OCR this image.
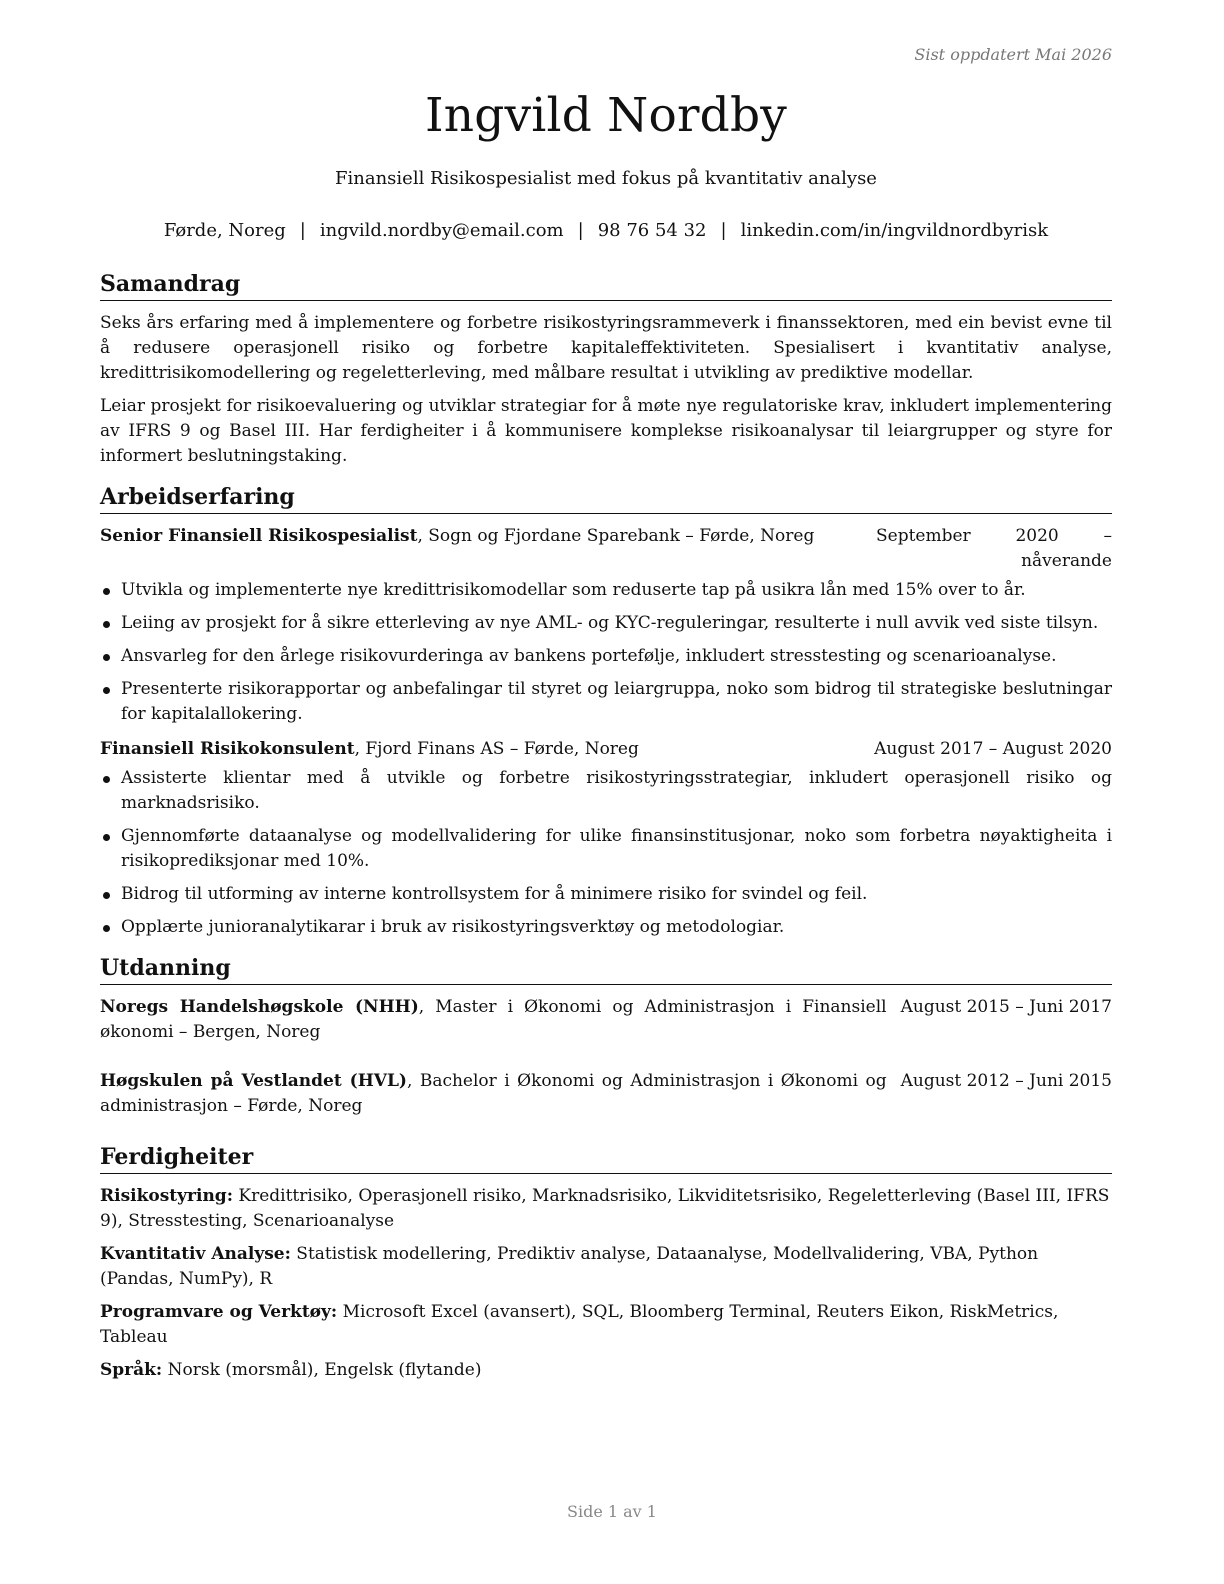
Sist oppdatert Mai 2026
Ingvild Nordby
Finansiell Risikospesialist med fokus på kvantitativ analyse
Førde, Noreg | ingvild.nordby@email.com | 98 76 54 32 | linkedin.com/in/ingvildnordbyrisk
Samandrag

Seks års erfaring med å implementere og forbetre risikostyringsrammeverk i finanssektoren, med ein bevist evne til å redusere operasjonell risiko og forbetre kapitaleffektiviteten. Spesialisert i kvantitativ analyse, kredittrisikomodellering og regeletterleving, med målbare resultat i utvikling av prediktive modellar.

Leiar prosjekt for risikoevaluering og utviklar strategiar for å møte nye regulatoriske krav, inkludert implementering av IFRS 9 og Basel III. Har ferdigheiter i å kommunisere komplekse risikoanalysar til leiargrupper og styre for informert beslutningstaking.

Arbeidserfaring
Senior Finansiell Risikospesialist, Sogn og Fjordane Sparebank – Førde, Noreg	September 2020 – nåverande
Utvikla og implementerte nye kredittrisikomodellar som reduserte tap på usikra lån med 15% over to år.
Leiing av prosjekt for å sikre etterleving av nye AML- og KYC-reguleringar, resulterte i null avvik ved siste tilsyn.
Ansvarleg for den årlege risikovurderinga av bankens portefølje, inkludert stresstesting og scenarioanalyse.
Presenterte risikorapportar og anbefalingar til styret og leiargruppa, noko som bidrog til strategiske beslutningar for kapitalallokering.
Finansiell Risikokonsulent, Fjord Finans AS – Førde, Noreg	August 2017 – August 2020
Assisterte klientar med å utvikle og forbetre risikostyringsstrategiar, inkludert operasjonell risiko og marknadsrisiko.
Gjennomførte dataanalyse og modellvalidering for ulike finansinstitusjonar, noko som forbetra nøyaktigheita i risikoprediksjonar med 10%.
Bidrog til utforming av interne kontrollsystem for å minimere risiko for svindel og feil.
Opplærte junioranalytikarar i bruk av risikostyringsverktøy og metodologiar.
Utdanning
Noregs Handelshøgskole (NHH), Master i Økonomi og Administrasjon i Finansiell økonomi – Bergen, Noreg
August 2015 – Juni 2017
Høgskulen på Vestlandet (HVL), Bachelor i Økonomi og Administrasjon i Økonomi og administrasjon – Førde, Noreg
August 2012 – Juni 2015
Ferdigheiter

Risikostyring: Kredittrisiko, Operasjonell risiko, Marknadsrisiko, Likviditetsrisiko, Regeletterleving (Basel III, IFRS 9), Stresstesting, Scenarioanalyse

Kvantitativ Analyse: Statistisk modellering, Prediktiv analyse, Dataanalyse, Modellvalidering, VBA, Python (Pandas, NumPy), R

Programvare og Verktøy: Microsoft Excel (avansert), SQL, Bloomberg Terminal, Reuters Eikon, RiskMetrics, Tableau

Språk: Norsk (morsmål), Engelsk (flytande)

Side 1 av 1
